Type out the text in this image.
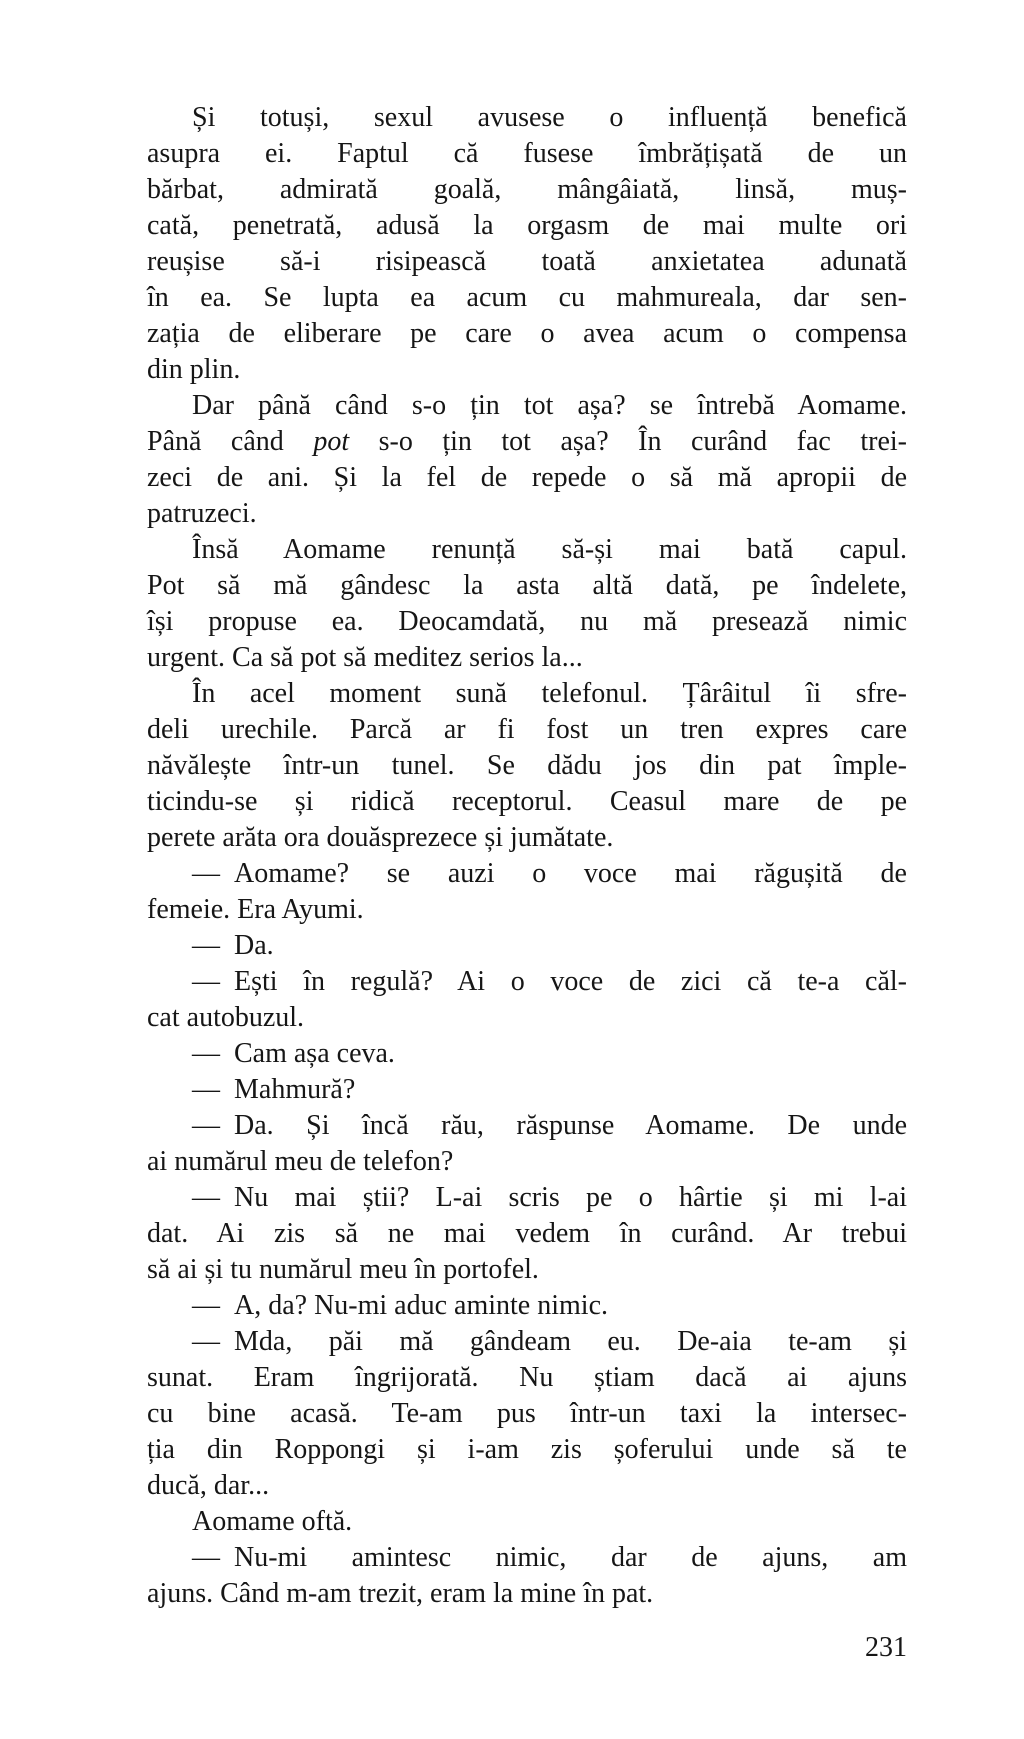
Și totuși, sexul avusese o influență benefică
asupra ei. Faptul că fusese îmbrățișată de un
bărbat, admirată goală, mângâiată, linsă, muș-
cată, penetrată, adusă la orgasm de mai multe ori
reușise să-i risipească toată anxietatea adunată
în ea. Se lupta ea acum cu mahmureala, dar sen-
zația de eliberare pe care o avea acum o compensa
din plin.
Dar până când s-o țin tot așa? se întrebă Aomame.
Până când pot s-o țin tot așa? În curând fac trei-
zeci de ani. Și la fel de repede o să mă apropii de
patruzeci.
Însă Aomame renunță să-și mai bată capul.
Pot să mă gândesc la asta altă dată, pe îndelete,
își propuse ea. Deocamdată, nu mă presează nimic
urgent. Ca să pot să meditez serios la...
În acel moment sună telefonul. Țârâitul îi sfre-
deli urechile. Parcă ar fi fost un tren expres care
năvălește într-un tunel. Se dădu jos din pat împle-
ticindu-se și ridică receptorul. Ceasul mare de pe
perete arăta ora douăsprezece și jumătate.
— Aomame? se auzi o voce mai răgușită de
femeie. Era Ayumi.
— Da.
— Ești în regulă? Ai o voce de zici că te-a căl-
cat autobuzul.
— Cam așa ceva.
— Mahmură?
— Da. Și încă rău, răspunse Aomame. De unde
ai numărul meu de telefon?
— Nu mai știi? L-ai scris pe o hârtie și mi l-ai
dat. Ai zis să ne mai vedem în curând. Ar trebui
să ai și tu numărul meu în portofel.
— A, da? Nu-mi aduc aminte nimic.
— Mda, păi mă gândeam eu. De-aia te-am și
sunat. Eram îngrijorată. Nu știam dacă ai ajuns
cu bine acasă. Te-am pus într-un taxi la intersec-
ția din Roppongi și i-am zis șoferului unde să te
ducă, dar...
Aomame oftă.
— Nu-mi amintesc nimic, dar de ajuns, am
ajuns. Când m-am trezit, eram la mine în pat.
231
